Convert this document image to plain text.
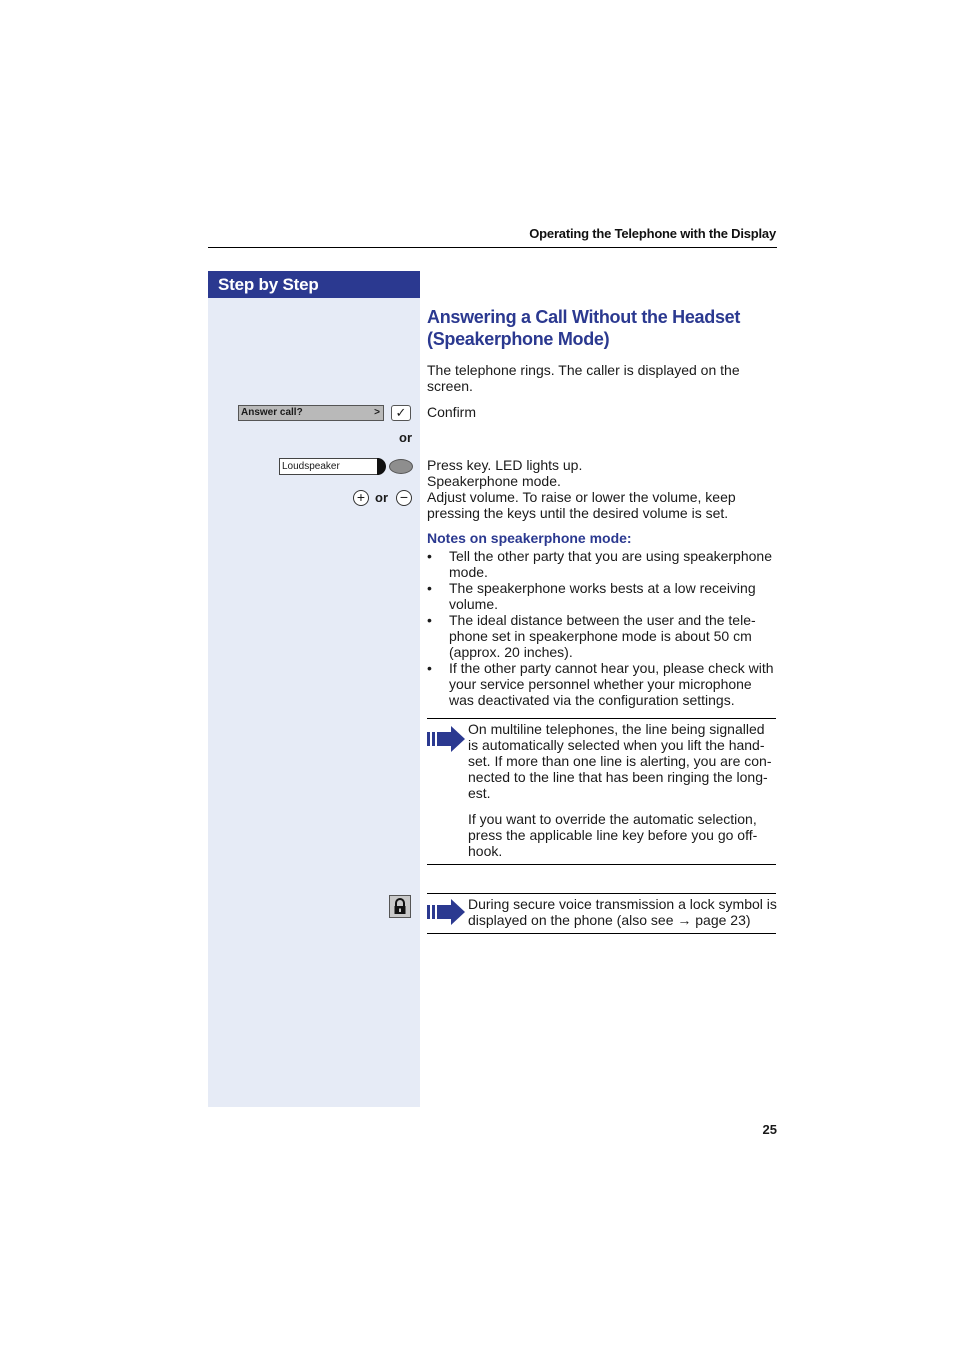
Operating the Telephone with the Display
Step by Step
Answer call?	>	✓
or
Loudspeaker
+ or −
Answering a Call Without the Headset
(Speakerphone Mode)
The telephone rings. The caller is displayed on the screen.
Confirm
Press key. LED lights up.
Speakerphone mode.
Adjust volume. To raise or lower the volume, keep pressing the keys until the desired volume is set.
Notes on speakerphone mode:
• Tell the other party that you are using speakerphone mode.
• The speakerphone works bests at a low receiving volume.
• The ideal distance between the user and the tele-phone set in speakerphone mode is about 50 cm (approx. 20 inches).
• If the other party cannot hear you, please check with your service personnel whether your microphone was deactivated via the configuration settings.
On multiline telephones, the line being signalled is automatically selected when you lift the hand-set. If more than one line is alerting, you are con-nected to the line that has been ringing the long-est.
If you want to override the automatic selection, press the applicable line key before you go off-hook.
During secure voice transmission a lock symbol is displayed on the phone (also see → page 23)
25
